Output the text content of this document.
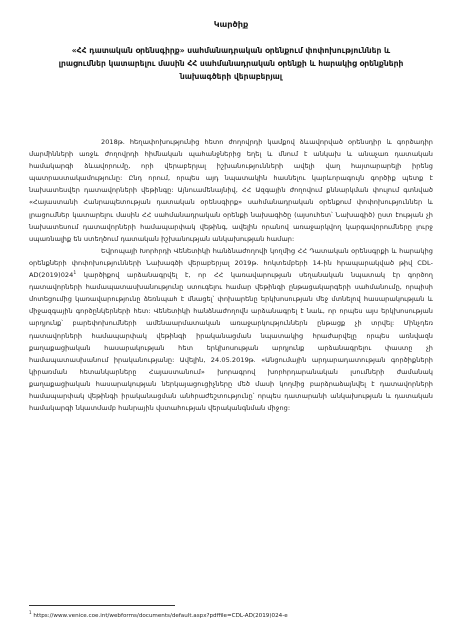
Կարծիք
«ՀՀ դատական օրենսգիրք» սահմանադրական օրենքում փոփոխություններ և լրացումներ կատարելու մասին ՀՀ սահմանադրական օրենքի և հարակից օրենքների նախագծերի վերաբերյալ

2018թ. հեղափոխությունից հետո ժողովրդի կամքով ձևավորված օրենսդիր և գործադիր մարմինների առջև ժողովրդի հիմնական պահանջներից եղել և մնում է անկախ և անաչառ դատական համակարգի ձևավորումը, որի վերաբերյալ իշխանությունների ավելի վաղ հայտարարելի իրենց պատրաստակամությունը: Ընդ որում, որպես այդ նպատակին հասնելու կարևորագույն գործիք պետք է նախատեսվեր դատավորների վեթինգը: Այնուամենայնիվ, ՀՀ Ազգային ժողովում քննարկման փուլում գտնված «Հայաստանի Հանրապետության դատական օրենսգիրք» սահմանադրական օրենքում փոփոխություններ և լրացումներ կատարելու մասին ՀՀ սահմանադրական օրենքի նախագիծը (այսուհետ՝ Նախագիծ) ըստ էության չի նախատեսում դատավորների համապարփակ վեթինգ, ավելին որանով առաջարկվող կարգավորումները լուրջ սպառնալիք են ստեղծում դատական իշխանության անկախության համար:

Եվրոպայի Խորհրդի Վենետիկի հանձնաժողովի կողմից ՀՀ Դատական օրենսգրքի և հարակից օրենքների փոփոխությունների Նախագծի վերաբերյալ 2019թ. հոկտեմբերի 14-ին հրապարակված թիվ CDL-$AD(2019)024^1$ կարծիքով արձանագրվել է, որ ՀՀ կառավարության սեղանական նպատակ էր գործող դատավորների համապատասխանությունը ստուգելու համար վեթինգի ընթացակարգերի սահմանումը, որպիսի մոտեցումից կառավարությունը ձեռնպահ է մնացել՝ փոխարենը երկխոսության մեջ մտնելով հասարակության և միջազգային գործընկերների հետ: Վենետիկի հանձնաժողովն արձանագրել է նաև, որ որպես այս երկխոսության արդյունք՝ բարեփոխումների ամենաարմատական առաջարկություններն ընթացք չի տրվել: Մինչդեռ դատավորների համապարփակ վեթինգի իրականացման նպատակից հրաժարվելը որպես առնվազն քաղաքացիական հասարակության հետ երկխոսության արդյունք արձանագրելու փաստը չի համապատասխանում իրականությանը: Ավելին, 24.05.2019թ. «Անցումային արդարադատության գործիքների կիրառման հետանկարները Հայաստանում» խորագրով խորհրդարանական լսումների ժամանակ քաղաքացիական հասարակության ներկայացուցիչները մեծ մասի կողմից բարձրաձայնվել է դատավորների համապարփակ վեթինգի իրականացման անհրաժեշտությունը՝ որպես դատարանի անկախության և դատական համակարգի նկատմամբ հանրային վստահության վերականգնման միջոց:

$^1$ https://www.venice.coe.int/webforms/documents/default.aspx?pdffile=CDL-AD(2019)024-e
